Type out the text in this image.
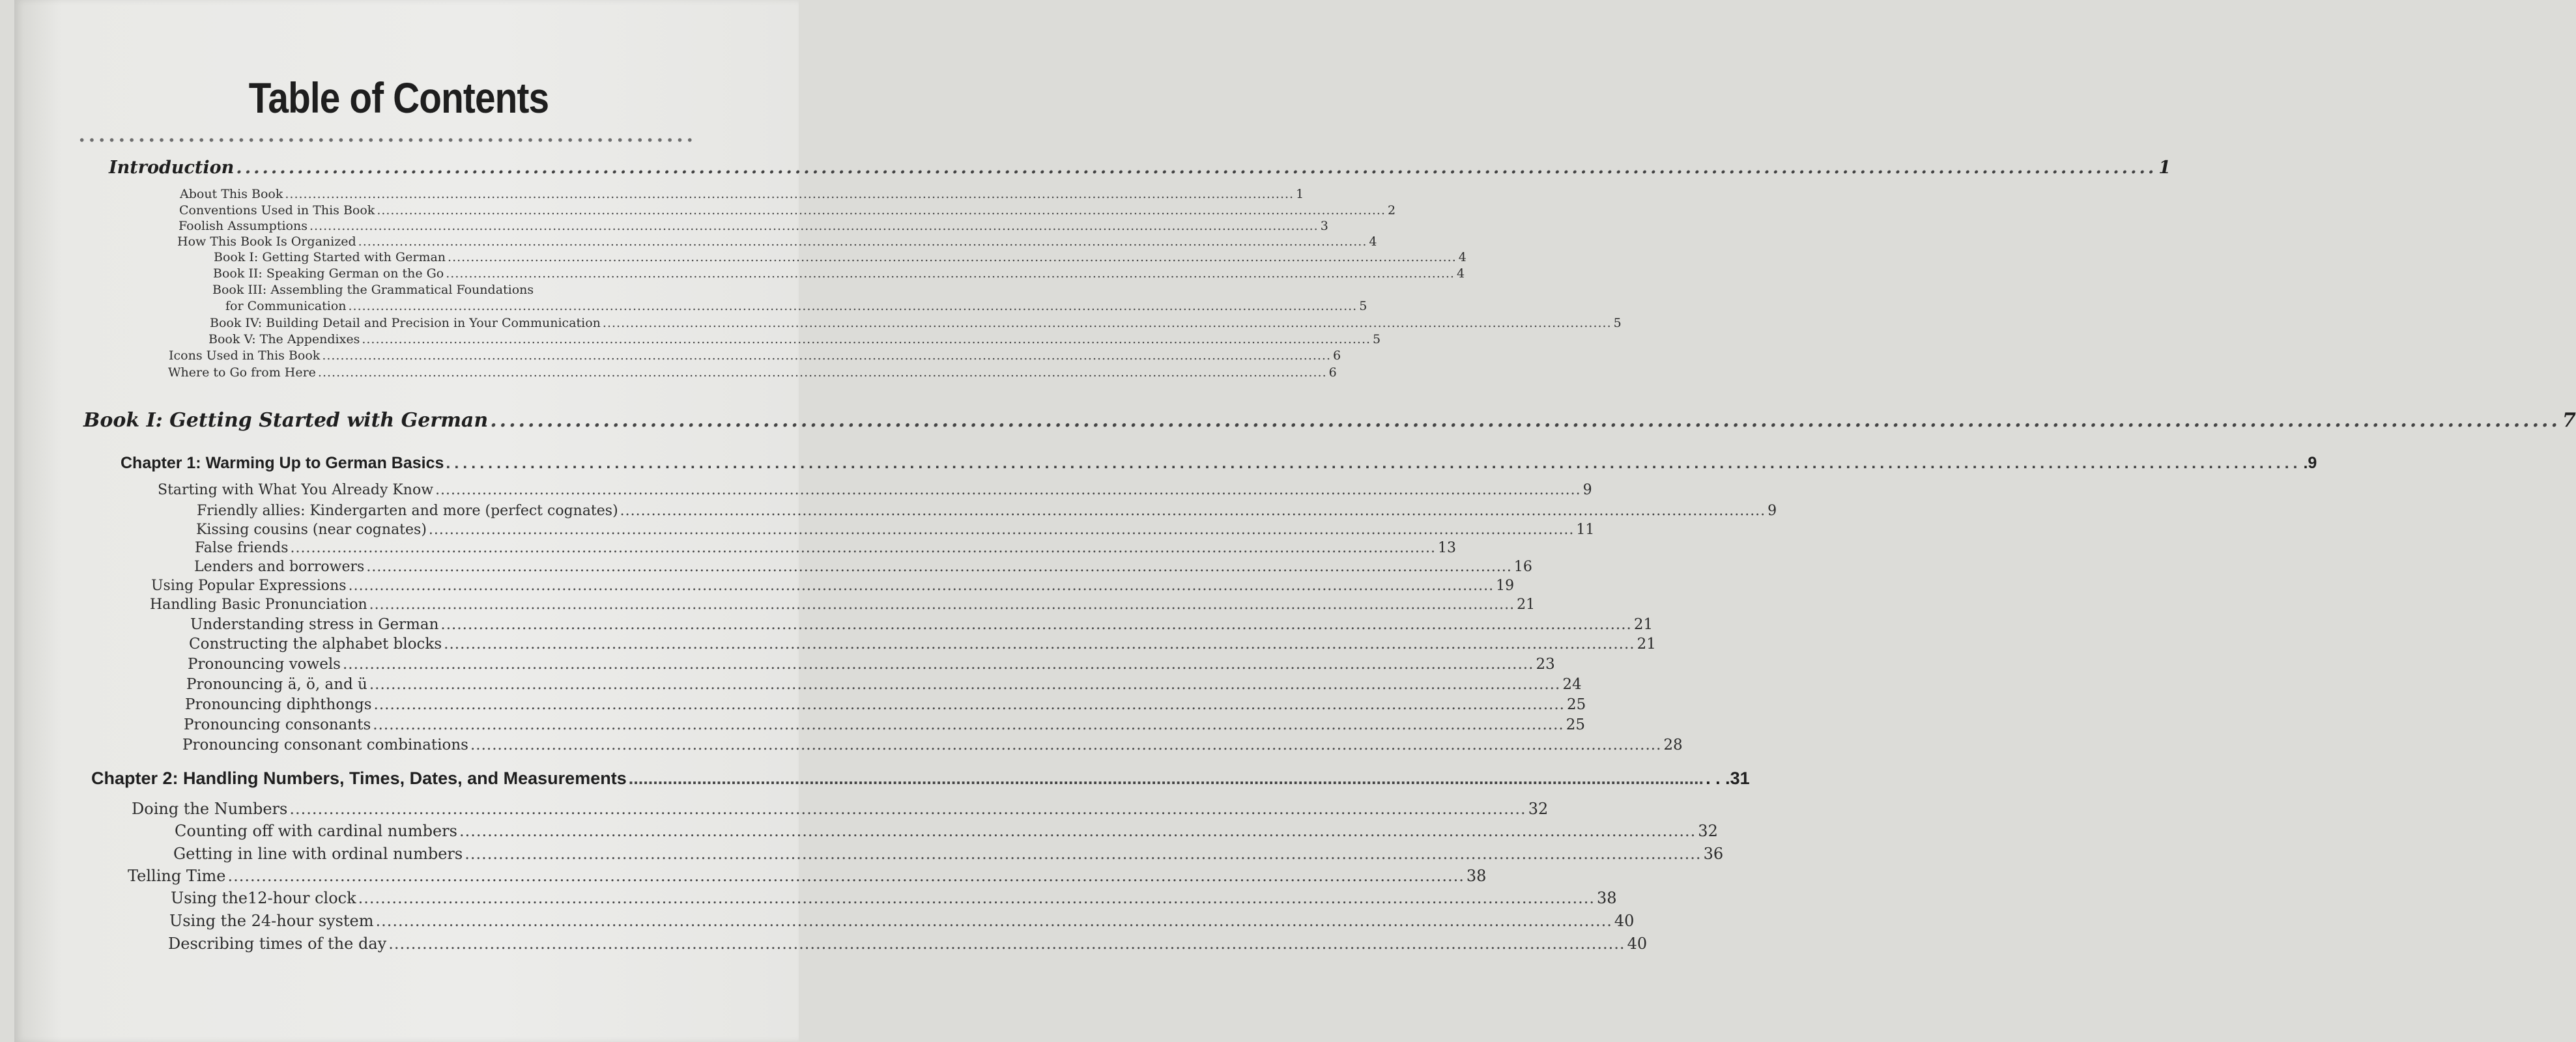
Table of Contents
Introduction ............................................................................................................................................................................................................................ 1
About This Book ............................................................................................................................................................................................................................ 1
Conventions Used in This Book ............................................................................................................................................................................................................................ 2
Foolish Assumptions ............................................................................................................................................................................................................................ 3
How This Book Is Organized ............................................................................................................................................................................................................................ 4
Book I: Getting Started with German ............................................................................................................................................................................................................................ 4
Book II: Speaking German on the Go ............................................................................................................................................................................................................................ 4
Book III: Assembling the Grammatical Foundations
for Communication ............................................................................................................................................................................................................................ 5
Book IV: Building Detail and Precision in Your Communication ............................................................................................................................................................................................................................ 5
Book V: The Appendixes ............................................................................................................................................................................................................................ 5
Icons Used in This Book ............................................................................................................................................................................................................................ 6
Where to Go from Here ............................................................................................................................................................................................................................ 6
Book I: Getting Started with German ............................................................................................................................................................................................................................ 7
Chapter 1: Warming Up to German Basics ............................................................................................................................................................................................................................ .9
Starting with What You Already Know ............................................................................................................................................................................................................................ 9
Friendly allies: Kindergarten and more (perfect cognates) ............................................................................................................................................................................................................................ 9
Kissing cousins (near cognates) ............................................................................................................................................................................................................................ 11
False friends ............................................................................................................................................................................................................................ 13
Lenders and borrowers ............................................................................................................................................................................................................................ 16
Using Popular Expressions ............................................................................................................................................................................................................................ 19
Handling Basic Pronunciation ............................................................................................................................................................................................................................ 21
Understanding stress in German ............................................................................................................................................................................................................................ 21
Constructing the alphabet blocks ............................................................................................................................................................................................................................ 21
Pronouncing vowels ............................................................................................................................................................................................................................ 23
Pronouncing ä, ö, and ü ............................................................................................................................................................................................................................ 24
Pronouncing diphthongs ............................................................................................................................................................................................................................ 25
Pronouncing consonants ............................................................................................................................................................................................................................ 25
Pronouncing consonant combinations ............................................................................................................................................................................................................................ 28
Chapter 2: Handling Numbers, Times, Dates, and Measurements ............................................................................................................................................................................................................................ . . .31
Doing the Numbers ............................................................................................................................................................................................................................ 32
Counting off with cardinal numbers ............................................................................................................................................................................................................................ 32
Getting in line with ordinal numbers ............................................................................................................................................................................................................................ 36
Telling Time ............................................................................................................................................................................................................................ 38
Using the12-hour clock ............................................................................................................................................................................................................................ 38
Using the 24-hour system ............................................................................................................................................................................................................................ 40
Describing times of the day ............................................................................................................................................................................................................................ 40
